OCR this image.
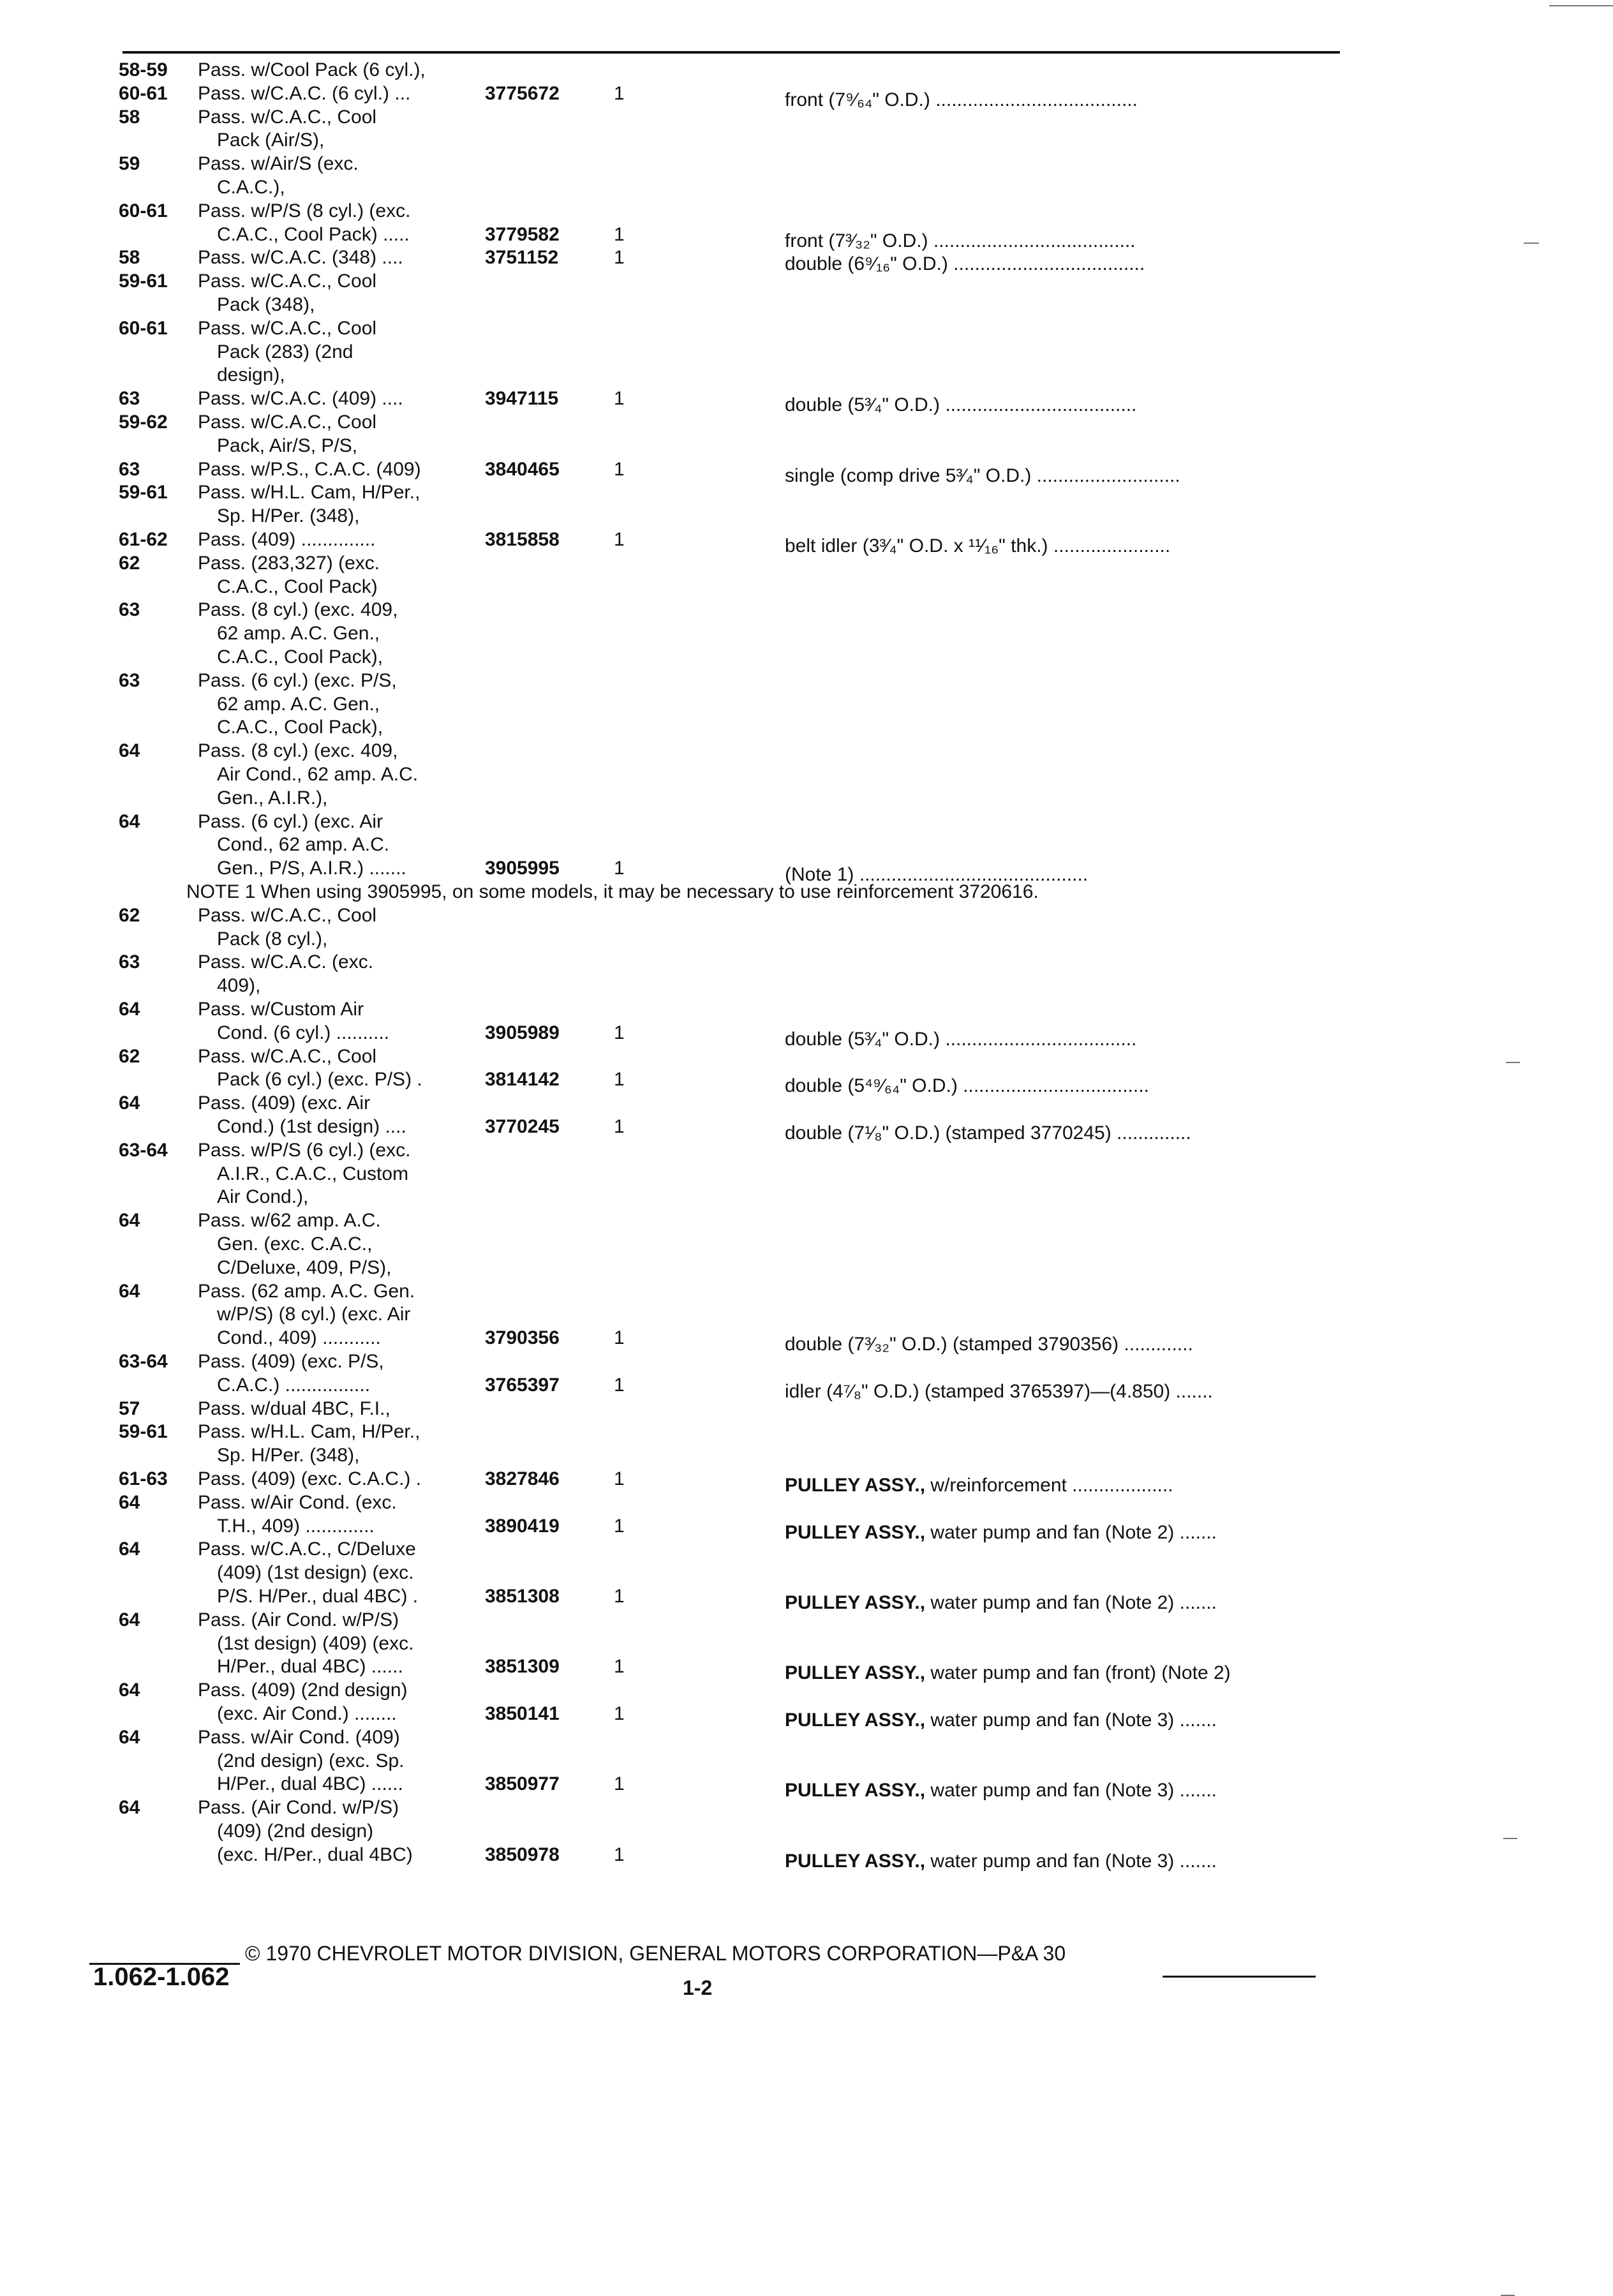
58-59 Pass. w/Cool Pack (6 cyl.),
60-61 Pass. w/C.A.C. (6 cyl.) ...	3775672	1	front (7⁹⁄₆₄" O.D.) ......................................
58	Pass. w/C.A.C., Cool
Pack (Air/S),
59	Pass. w/Air/S (exc.
C.A.C.),
60-61 Pass. w/P/S (8 cyl.) (exc.
C.A.C., Cool Pack) .....	3779582	1	front (7³⁄₃₂" O.D.) ......................................
58	Pass. w/C.A.C. (348) ....	3751152	1	double (6⁹⁄₁₆" O.D.) ....................................
59-61 Pass. w/C.A.C., Cool
Pack (348),
60-61 Pass. w/C.A.C., Cool
Pack (283) (2nd
design),
63	Pass. w/C.A.C. (409) ....	3947115	1	double (5³⁄₄" O.D.) ....................................
59-62 Pass. w/C.A.C., Cool
Pack, Air/S, P/S,
63	Pass. w/P.S., C.A.C. (409)	3840465	1	single (comp drive 5³⁄₄" O.D.) ...........................
59-61 Pass. w/H.L. Cam, H/Per.,
Sp. H/Per. (348),
61-62 Pass. (409) ..............	3815858	1	belt idler (3³⁄₄" O.D. x ¹¹⁄₁₆" thk.) ......................
62	Pass. (283,327) (exc.
C.A.C., Cool Pack)
63	Pass. (8 cyl.) (exc. 409,
62 amp. A.C. Gen.,
C.A.C., Cool Pack),
63	Pass. (6 cyl.) (exc. P/S,
62 amp. A.C. Gen.,
C.A.C., Cool Pack),
64	Pass. (8 cyl.) (exc. 409,
Air Cond., 62 amp. A.C.
Gen., A.I.R.),
64	Pass. (6 cyl.) (exc. Air
Cond., 62 amp. A.C.
Gen., P/S, A.I.R.) .......	3905995	1	(Note 1) ...........................................
NOTE 1 When using 3905995, on some models, it may be necessary to use reinforcement 3720616.
62	Pass. w/C.A.C., Cool
Pack (8 cyl.),
63	Pass. w/C.A.C. (exc.
409),
64	Pass. w/Custom Air
Cond. (6 cyl.) ..........	3905989	1	double (5³⁄₄" O.D.) ....................................
62	Pass. w/C.A.C., Cool
Pack (6 cyl.) (exc. P/S) .	3814142	1	double (5⁴⁹⁄₆₄" O.D.) ...................................
64	Pass. (409) (exc. Air
Cond.) (1st design) ....	3770245	1	double (7¹⁄₈" O.D.) (stamped 3770245) ..............
63-64 Pass. w/P/S (6 cyl.) (exc.
A.I.R., C.A.C., Custom
Air Cond.),
64	Pass. w/62 amp. A.C.
Gen. (exc. C.A.C.,
C/Deluxe, 409, P/S),
64	Pass. (62 amp. A.C. Gen.
w/P/S) (8 cyl.) (exc. Air
Cond., 409) ...........	3790356	1	double (7³⁄₃₂" O.D.) (stamped 3790356) .............
63-64 Pass. (409) (exc. P/S,
C.A.C.) ................	3765397	1	idler (4⁷⁄₈" O.D.) (stamped 3765397)—(4.850) .......
57	Pass. w/dual 4BC, F.I.,
59-61 Pass. w/H.L. Cam, H/Per.,
Sp. H/Per. (348),
61-63 Pass. (409) (exc. C.A.C.) .	3827846	1	PULLEY ASSY., w/reinforcement ...................
64	Pass. w/Air Cond. (exc.
T.H., 409) .............	3890419	1	PULLEY ASSY., water pump and fan (Note 2) .......
64	Pass. w/C.A.C., C/Deluxe
(409) (1st design) (exc.
P/S. H/Per., dual 4BC) .	3851308	1	PULLEY ASSY., water pump and fan (Note 2) .......
64	Pass. (Air Cond. w/P/S)
(1st design) (409) (exc.
H/Per., dual 4BC) ......	3851309	1	PULLEY ASSY., water pump and fan (front) (Note 2)
64	Pass. (409) (2nd design)
(exc. Air Cond.) ........	3850141	1	PULLEY ASSY., water pump and fan (Note 3) .......
64	Pass. w/Air Cond. (409)
(2nd design) (exc. Sp.
H/Per., dual 4BC) ......	3850977	1	PULLEY ASSY., water pump and fan (Note 3) .......
64	Pass. (Air Cond. w/P/S)
(409) (2nd design)
(exc. H/Per., dual 4BC)	3850978	1	PULLEY ASSY., water pump and fan (Note 3) .......
© 1970 CHEVROLET MOTOR DIVISION, GENERAL MOTORS CORPORATION—P&A 30
1.062-1.062	1-2
